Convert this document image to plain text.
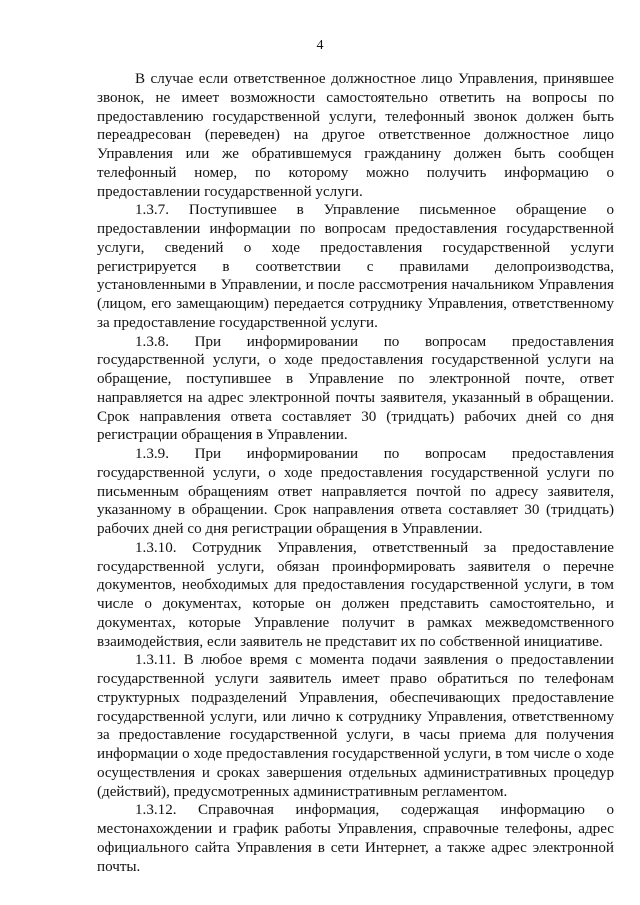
4

В случае если ответственное должностное лицо Управления, принявшее звонок, не имеет возможности самостоятельно ответить на вопросы по предоставлению государственной услуги, телефонный звонок должен быть переадресован (переведен) на другое ответственное должностное лицо Управления или же обратившемуся гражданину должен быть сообщен телефонный номер, по которому можно получить информацию о предоставлении государственной услуги.

1.3.7. Поступившее в Управление письменное обращение о предоставлении информации по вопросам предоставления государственной услуги, сведений о ходе предоставления государственной услуги регистрируется в соответствии с правилами делопроизводства, установленными в Управлении, и после рассмотрения начальником Управления (лицом, его замещающим) передается сотруднику Управления, ответственному за предоставление государственной услуги.

1.3.8. При информировании по вопросам предоставления государственной услуги, о ходе предоставления государственной услуги на обращение, поступившее в Управление по электронной почте, ответ направляется на адрес электронной почты заявителя, указанный в обращении. Срок направления ответа составляет 30 (тридцать) рабочих дней со дня регистрации обращения в Управлении.

1.3.9. При информировании по вопросам предоставления государственной услуги, о ходе предоставления государственной услуги по письменным обращениям ответ направляется почтой по адресу заявителя, указанному в обращении. Срок направления ответа составляет 30 (тридцать) рабочих дней со дня регистрации обращения в Управлении.

1.3.10. Сотрудник Управления, ответственный за предоставление государственной услуги, обязан проинформировать заявителя о перечне документов, необходимых для предоставления государственной услуги, в том числе о документах, которые он должен представить самостоятельно, и документах, которые Управление получит в рамках межведомственного взаимодействия, если заявитель не представит их по собственной инициативе.

1.3.11. В любое время с момента подачи заявления о предоставлении государственной услуги заявитель имеет право обратиться по телефонам структурных подразделений Управления, обеспечивающих предоставление государственной услуги, или лично к сотруднику Управления, ответственному за предоставление государственной услуги, в часы приема для получения информации о ходе предоставления государственной услуги, в том числе о ходе осуществления и сроках завершения отдельных административных процедур (действий), предусмотренных административным регламентом.

1.3.12. Справочная информация, содержащая информацию о местонахождении и график работы Управления, справочные телефоны, адрес официального сайта Управления в сети Интернет, а также адрес электронной почты.
